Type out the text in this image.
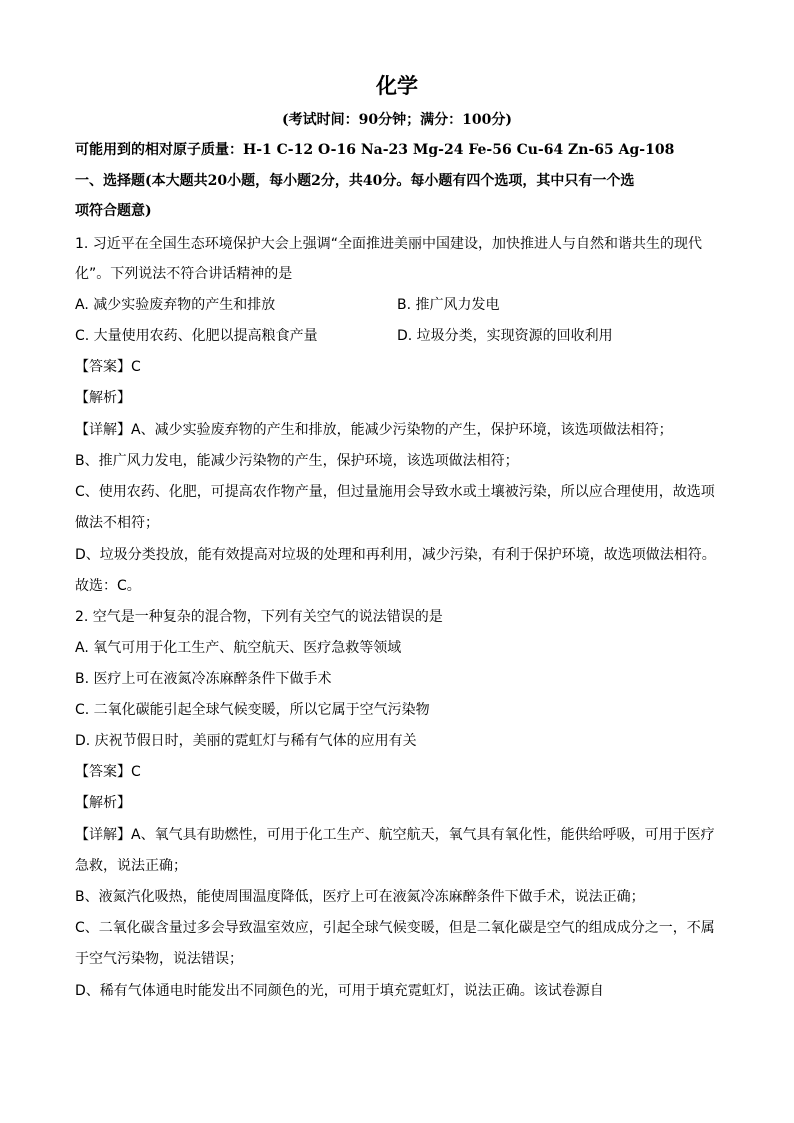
化学
(考试时间：90分钟；满分：100分)
可能用到的相对原子质量：H-1 C-12 O-16 Na-23 Mg-24 Fe-56 Cu-64 Zn-65 Ag-108
一、选择题(本大题共20小题，每小题2分，共40分。每小题有四个选项，其中只有一个选
项符合题意)
1. 习近平在全国生态环境保护大会上强调“全面推进美丽中国建设，加快推进人与自然和谐共生的现代
化”。下列说法不符合讲话精神的是
A. 减少实验废弃物的产生和排放	B. 推广风力发电
C. 大量使用农药、化肥以提高粮食产量	D. 垃圾分类，实现资源的回收利用
【答案】C
【解析】
【详解】A、减少实验废弃物的产生和排放，能减少污染物的产生，保护环境，该选项做法相符；
B、推广风力发电，能减少污染物的产生，保护环境，该选项做法相符；
C、使用农药、化肥，可提高农作物产量，但过量施用会导致水或土壤被污染，所以应合理使用，故选项
做法不相符；
D、垃圾分类投放，能有效提高对垃圾的处理和再利用，减少污染，有利于保护环境，故选项做法相符。
故选：C。
2. 空气是一种复杂的混合物，下列有关空气的说法错误的是
A. 氧气可用于化工生产、航空航天、医疗急救等领域
B. 医疗上可在液氮冷冻麻醉条件下做手术
C. 二氧化碳能引起全球气候变暖，所以它属于空气污染物
D. 庆祝节假日时，美丽的霓虹灯与稀有气体的应用有关
【答案】C
【解析】
【详解】A、氧气具有助燃性，可用于化工生产、航空航天，氧气具有氧化性，能供给呼吸，可用于医疗
急救，说法正确；
B、液氮汽化吸热，能使周围温度降低，医疗上可在液氮冷冻麻醉条件下做手术，说法正确；
C、二氧化碳含量过多会导致温室效应，引起全球气候变暖，但是二氧化碳是空气的组成成分之一，不属
于空气污染物，说法错误；
D、稀有气体通电时能发出不同颜色的光，可用于填充霓虹灯，说法正确。该试卷源自
